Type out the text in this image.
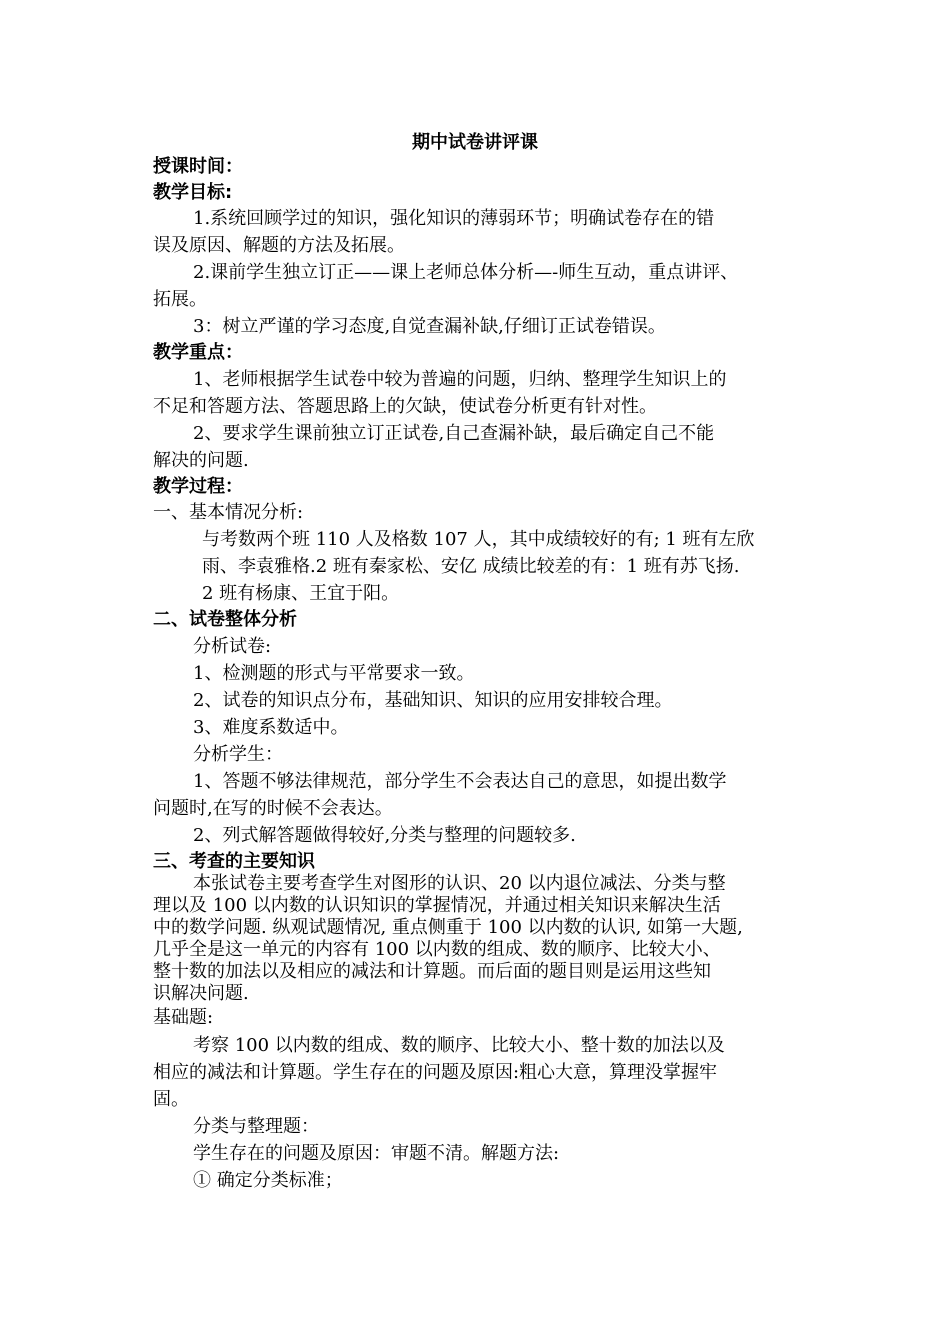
期中试卷讲评课
授课时间：
教学目标:
1.系统回顾学过的知识，强化知识的薄弱环节；明确试卷存在的错
误及原因、解题的方法及拓展。
2.课前学生独立订正——课上老师总体分析—-师生互动，重点讲评、
拓展。
3：树立严谨的学习态度,自觉查漏补缺,仔细订正试卷错误。
教学重点：
1、老师根据学生试卷中较为普遍的问题，归纳、整理学生知识上的
不足和答题方法、答题思路上的欠缺，使试卷分析更有针对性。
2、要求学生课前独立订正试卷,自己查漏补缺，最后确定自己不能
解决的问题.
教学过程：
一、基本情况分析:
与考数两个班 110 人及格数 107 人，其中成绩较好的有; 1 班有左欣
雨、李袁雅格.2 班有秦家松、安亿 成绩比较差的有：1 班有苏飞扬.
2 班有杨康、王宜于阳。
二、试卷整体分析
分析试卷:
1、检测题的形式与平常要求一致。
2、试卷的知识点分布，基础知识、知识的应用安排较合理。
3、难度系数适中。
分析学生：
1、答题不够法律规范，部分学生不会表达自己的意思，如提出数学
问题时,在写的时候不会表达。
2、列式解答题做得较好,分类与整理的问题较多.
三、考查的主要知识
本张试卷主要考查学生对图形的认识、20 以内退位减法、分类与整
理以及 100 以内数的认识知识的掌握情况，并通过相关知识来解决生活
中的数学问题. 纵观试题情况, 重点侧重于 100 以内数的认识, 如第一大题,
几乎全是这一单元的内容有 100 以内数的组成、数的顺序、比较大小、
整十数的加法以及相应的减法和计算题。而后面的题目则是运用这些知
识解决问题.
基础题:
考察 100 以内数的组成、数的顺序、比较大小、整十数的加法以及
相应的减法和计算题。学生存在的问题及原因:粗心大意，算理没掌握牢
固。
分类与整理题：
学生存在的问题及原因：审题不清。解题方法:
① 确定分类标准；
